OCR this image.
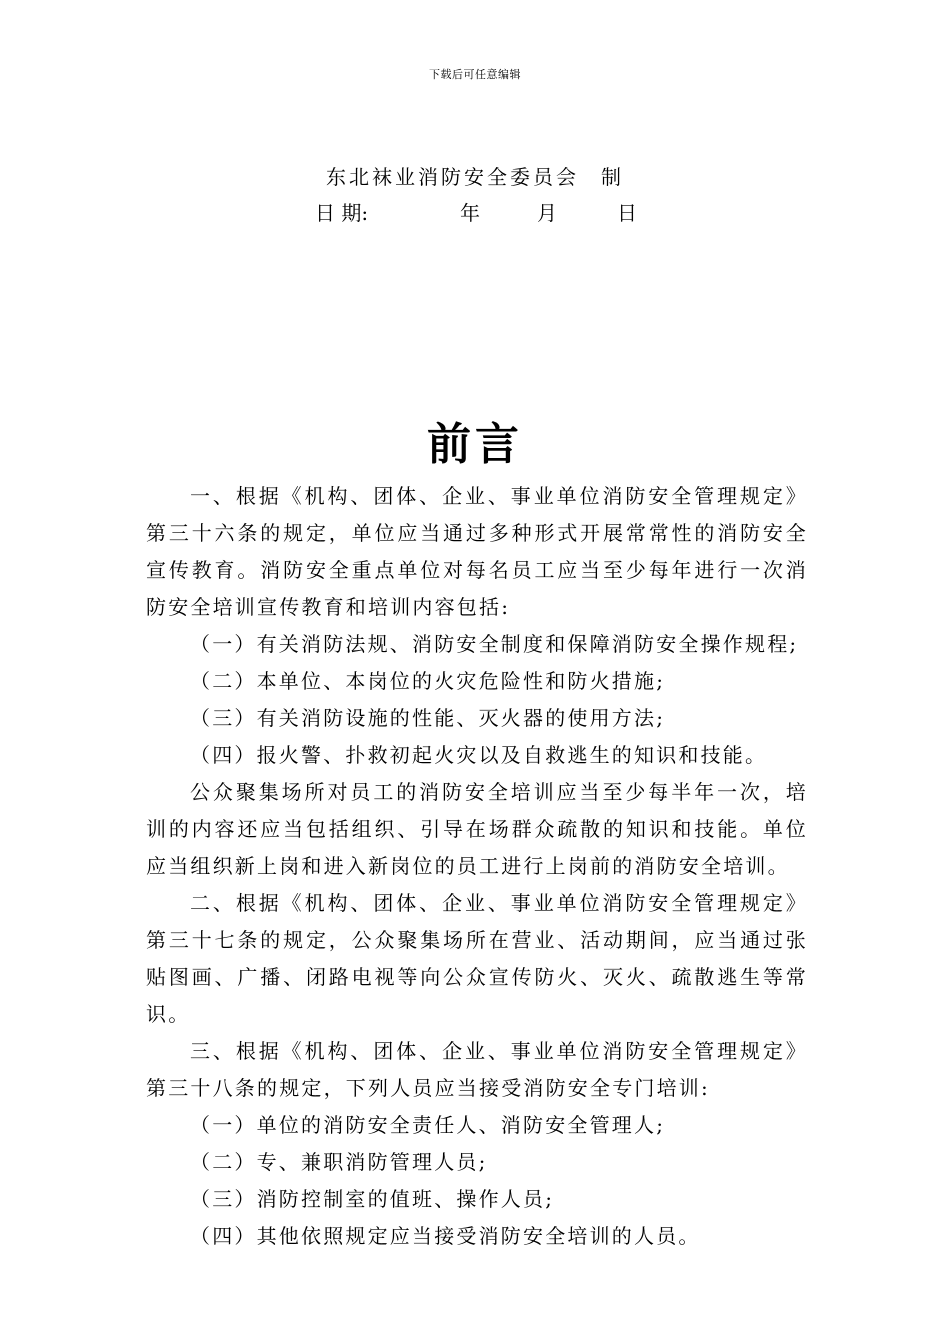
下载后可任意编辑
东北袜业消防安全委员会 制
日 期:	年	月	日
前言

一、根据《机构、团体、企业、事业单位消防安全管理规定》第三十六条的规定，单位应当通过多种形式开展常常性的消防安全宣传教育。消防安全重点单位对每名员工应当至少每年进行一次消防安全培训宣传教育和培训内容包括:

（一）有关消防法规、消防安全制度和保障消防安全操作规程;

（二）本单位、本岗位的火灾危险性和防火措施;

（三）有关消防设施的性能、灭火器的使用方法;

（四）报火警、扑救初起火灾以及自救逃生的知识和技能。

公众聚集场所对员工的消防安全培训应当至少每半年一次，培训的内容还应当包括组织、引导在场群众疏散的知识和技能。单位应当组织新上岗和进入新岗位的员工进行上岗前的消防安全培训。

二、根据《机构、团体、企业、事业单位消防安全管理规定》第三十七条的规定，公众聚集场所在营业、活动期间，应当通过张贴图画、广播、闭路电视等向公众宣传防火、灭火、疏散逃生等常识。

三、根据《机构、团体、企业、事业单位消防安全管理规定》第三十八条的规定，下列人员应当接受消防安全专门培训:

（一）单位的消防安全责任人、消防安全管理人;

（二）专、兼职消防管理人员;

（三）消防控制室的值班、操作人员;

（四）其他依照规定应当接受消防安全培训的人员。
